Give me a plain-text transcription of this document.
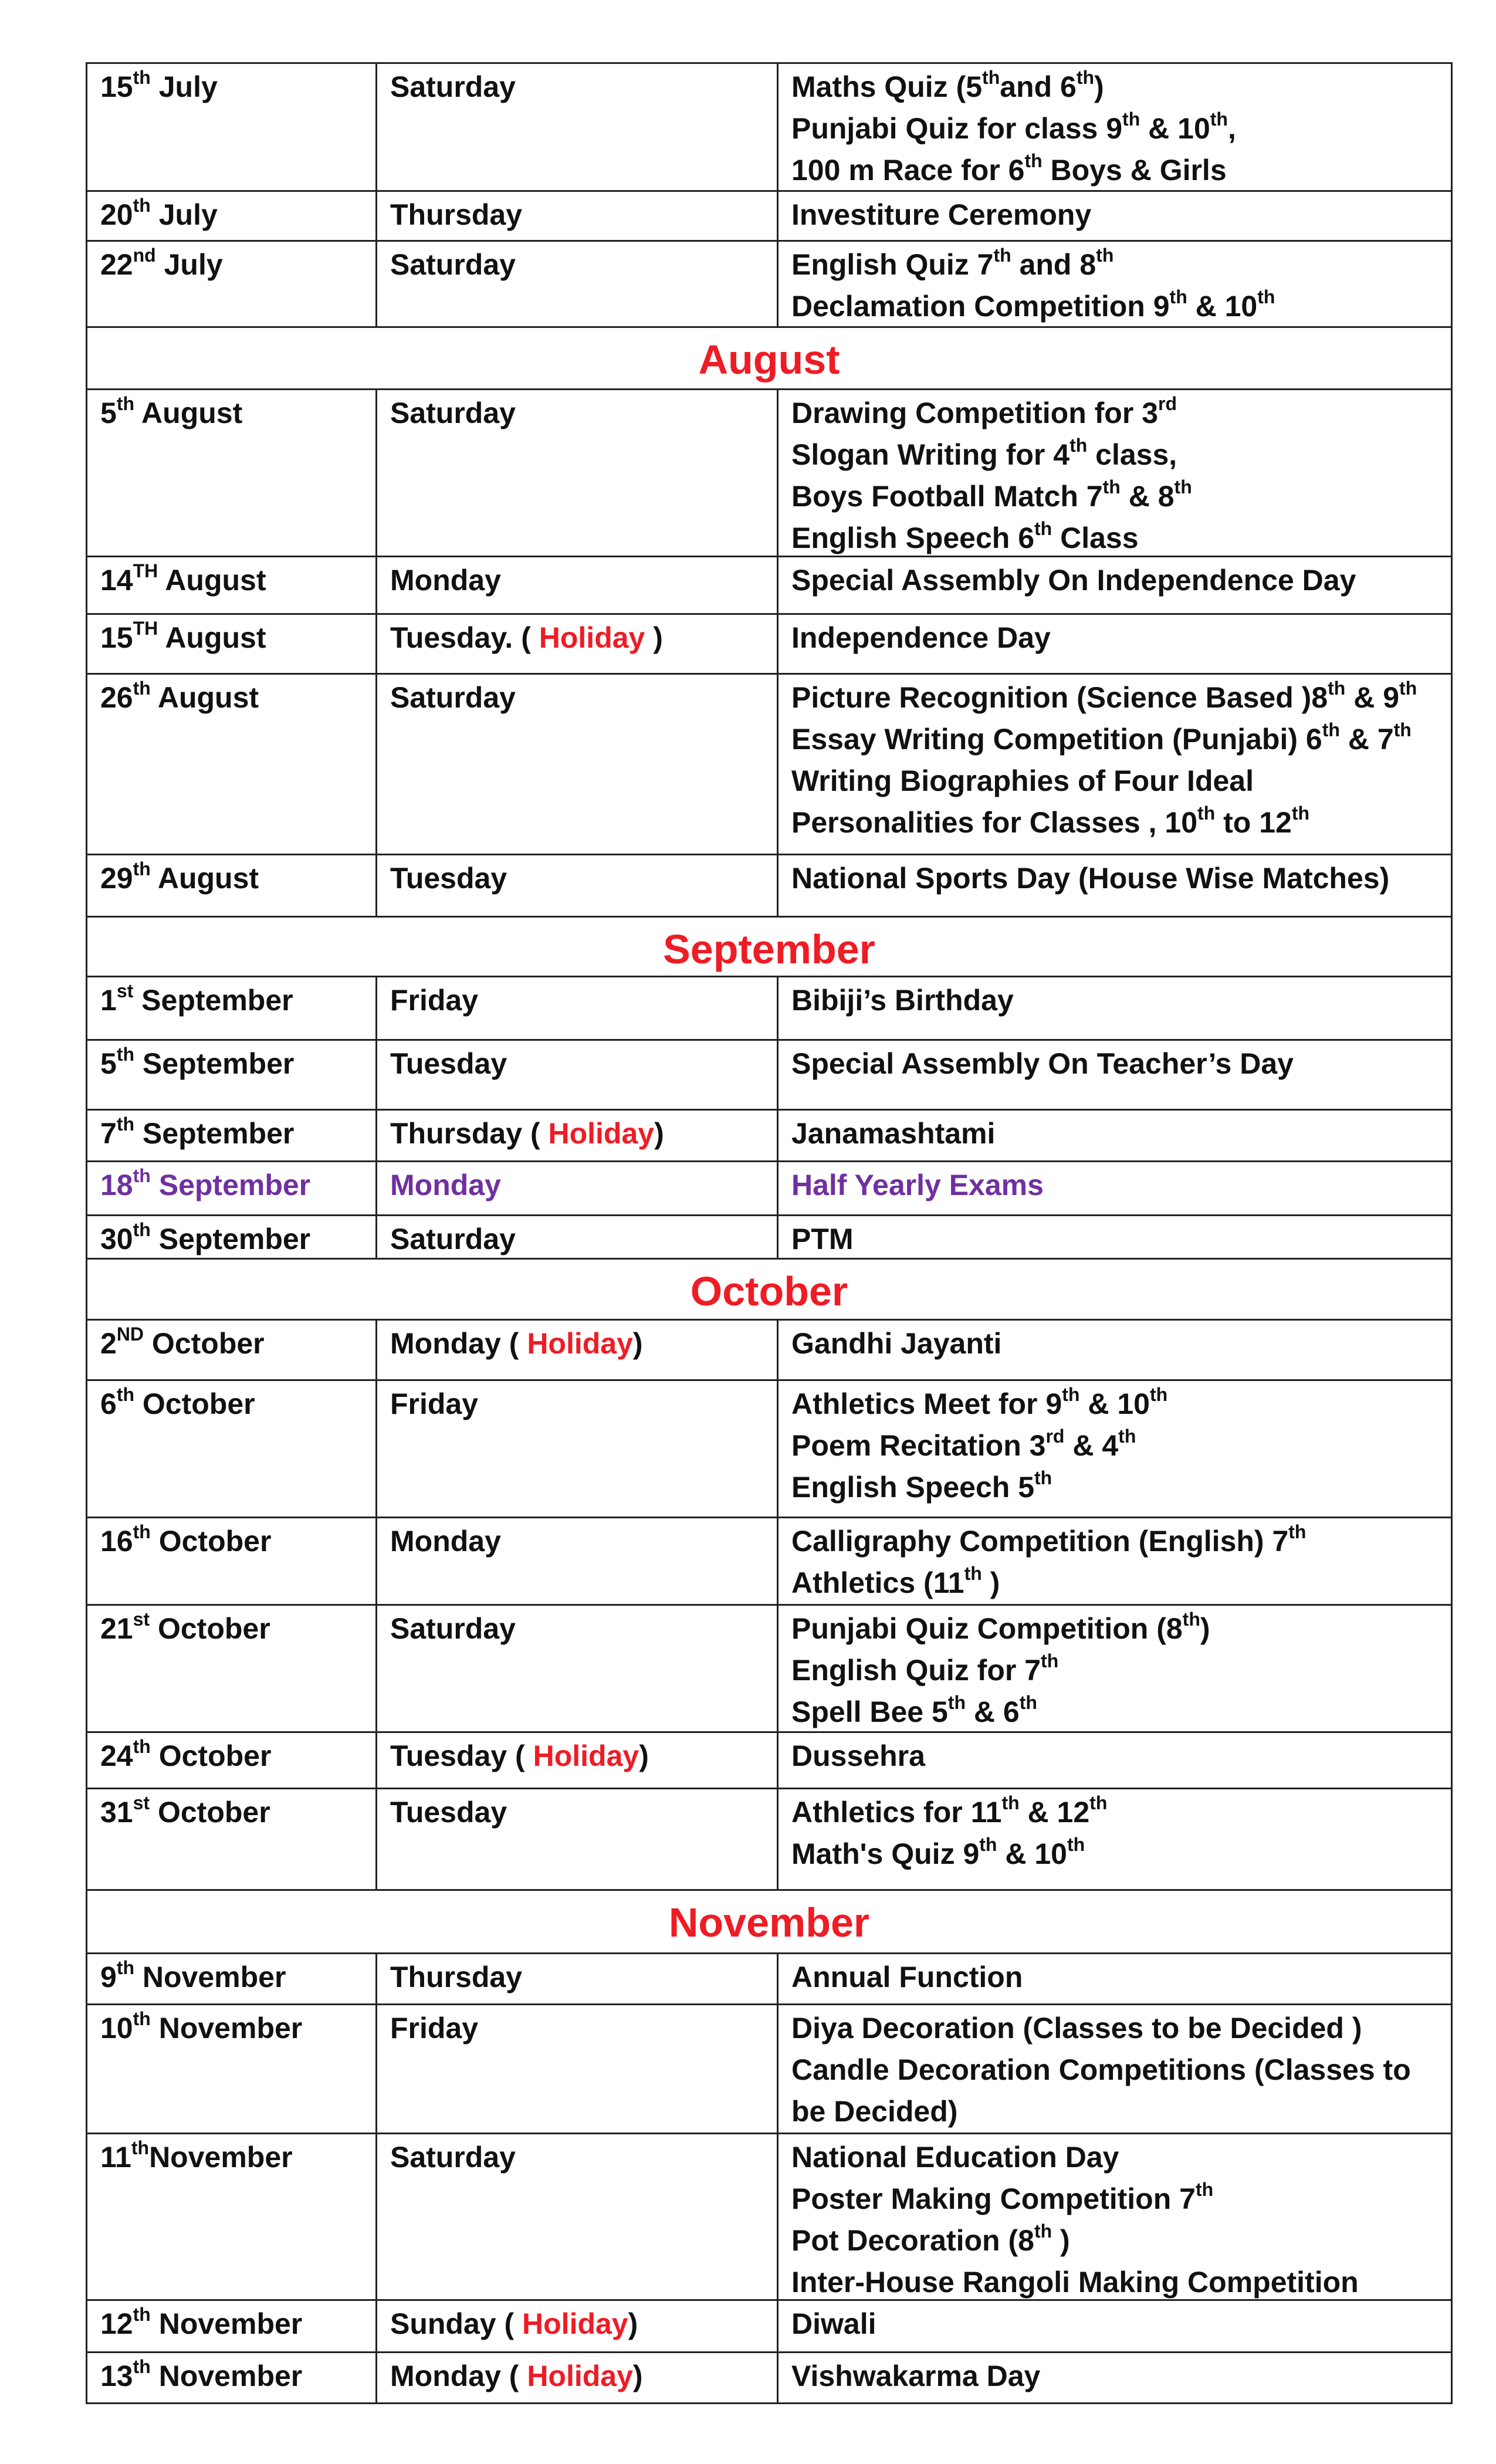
15th July	Saturday	Maths Quiz (5thand 6th)
Punjabi Quiz for class 9th & 10th,
100 m Race for 6th Boys & Girls
20th July	Thursday	Investiture Ceremony
22nd July	Saturday	English Quiz 7th and 8th
Declamation Competition 9th & 10th
August
5th August	Saturday	Drawing Competition for 3rd
Slogan Writing for 4th class,
Boys Football Match 7th & 8th
English Speech 6th Class
14TH August	Monday	Special Assembly On Independence Day
15TH August	Tuesday. ( Holiday )	Independence Day
26th August	Saturday	Picture Recognition (Science Based )8th & 9th
Essay Writing Competition (Punjabi) 6th & 7th
Writing Biographies of Four Ideal
Personalities for Classes , 10th to 12th
29th August	Tuesday	National Sports Day (House Wise Matches)
September
1st September	Friday	Bibiji’s Birthday
5th September	Tuesday	Special Assembly On Teacher’s Day
7th September	Thursday ( Holiday)	Janamashtami
18th September	Monday	Half Yearly Exams
30th September	Saturday	PTM
October
2ND October	Monday ( Holiday)	Gandhi Jayanti
6th October	Friday	Athletics Meet for 9th & 10th
Poem Recitation 3rd & 4th
English Speech 5th
16th October	Monday	Calligraphy Competition (English) 7th
Athletics (11th )
21st October	Saturday	Punjabi Quiz Competition (8th)
English Quiz for 7th
Spell Bee 5th & 6th
24th October	Tuesday ( Holiday)	Dussehra
31st October	Tuesday	Athletics for 11th & 12th
Math's Quiz 9th & 10th
November
9th November	Thursday	Annual Function
10th November	Friday	Diya Decoration (Classes to be Decided )
Candle Decoration Competitions (Classes to
be Decided)
11thNovember	Saturday	National Education Day
Poster Making Competition 7th
Pot Decoration (8th )
Inter-House Rangoli Making Competition
12th November	Sunday ( Holiday)	Diwali
13th November	Monday ( Holiday)	Vishwakarma Day
